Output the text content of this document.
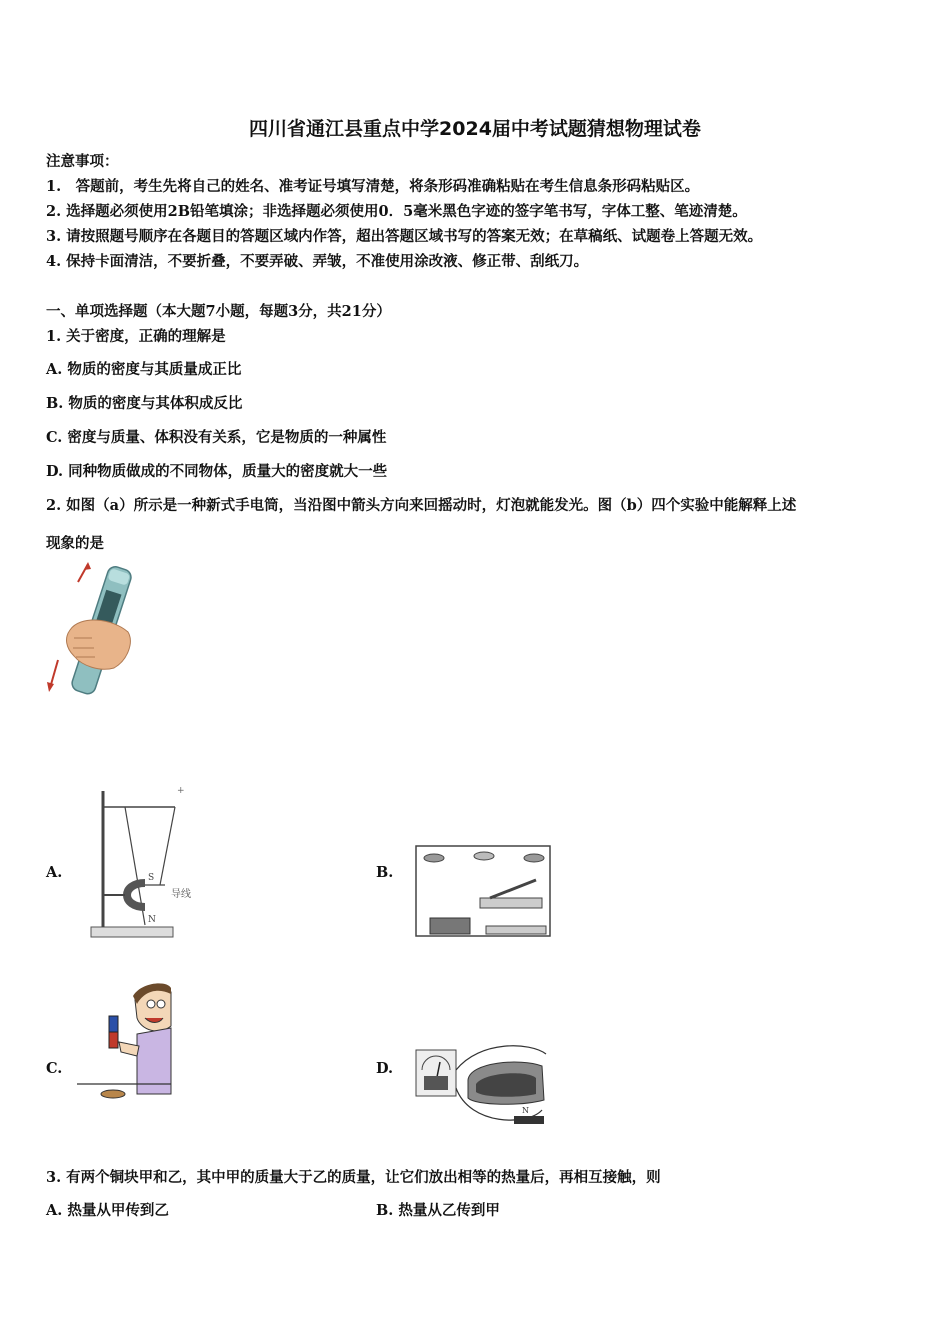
四川省通江县重点中学2024届中考试题猜想物理试卷
注意事项：
1.　答题前，考生先将自己的姓名、准考证号填写清楚，将条形码准确粘贴在考生信息条形码粘贴区。
2. 选择题必须使用2B铅笔填涂；非选择题必须使用0．5毫米黑色字迹的签字笔书写，字体工整、笔迹清楚。
3. 请按照题号顺序在各题目的答题区域内作答，超出答题区域书写的答案无效；在草稿纸、试题卷上答题无效。
4. 保持卡面清洁，不要折叠，不要弄破、弄皱，不准使用涂改液、修正带、刮纸刀。
一、单项选择题（本大题7小题，每题3分，共21分）
1. 关于密度，正确的理解是
A. 物质的密度与其质量成正比
B. 物质的密度与其体积成反比
C. 密度与质量、体积没有关系，它是物质的一种属性
D. 同种物质做成的不同物体，质量大的密度就大一些
2. 如图（a）所示是一种新式手电筒，当沿图中箭头方向来回摇动时，灯泡就能发光。图（b）四个实验中能解释上述
现象的是
A.	S
N
导线
+
B.
C.	D.
N
3. 有两个铜块甲和乙，其中甲的质量大于乙的质量，让它们放出相等的热量后，再相互接触，则
A. 热量从甲传到乙	B. 热量从乙传到甲
